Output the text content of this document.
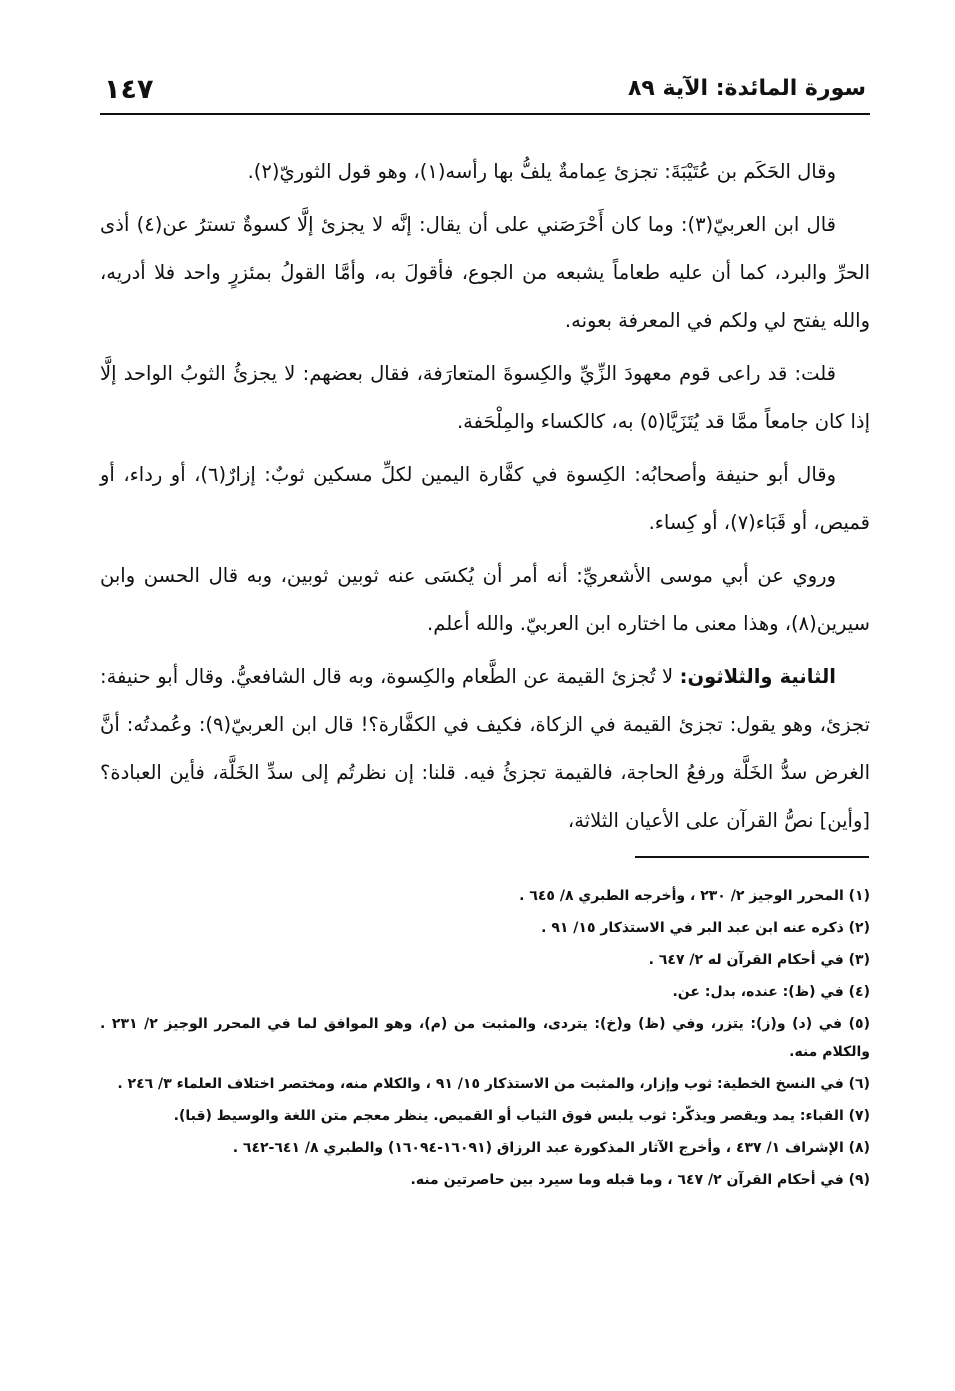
سورة المائدة: الآية ٨٩
١٤٧

وقال الحَكَم بن عُتَيْبَةَ: تجزئ عِمامةٌ يلفُّ بها رأسه(١)، وهو قول الثوريّ(٢).

قال ابن العربيّ(٣): وما كان أَحْرَصَني على أن يقال: إنَّه لا يجزئ إلَّا كسوةٌ تسترُ عن(٤) أذى الحرِّ والبرد، كما أن عليه طعاماً يشبعه من الجوع، فأقولَ به، وأمَّا القولُ بمئزرٍ واحد فلا أدريه، والله يفتح لي ولكم في المعرفة بعونه.

قلت: قد راعى قوم معهودَ الزِّيِّ والكِسوةَ المتعارَفة، فقال بعضهم: لا يجزئُ الثوبُ الواحد إلَّا إذا كان جامعاً ممَّا قد يُتَزَيَّا(٥) به، كالكساء والمِلْحَفة.

وقال أبو حنيفة وأصحابُه: الكِسوة في كفَّارة اليمين لكلِّ مسكين ثوبٌ: إزارٌ(٦)، أو رداء، أو قميص، أو قَبَاء(٧)، أو كِساء.

وروي عن أبي موسى الأشعريِّ: أنه أمر أن يُكسَى عنه ثوبين ثوبين، وبه قال الحسن وابن سيرين(٨)، وهذا معنى ما اختاره ابن العربيّ. والله أعلم.

الثانية والثلاثون: لا تُجزئ القيمة عن الطَّعام والكِسوة، وبه قال الشافعيُّ. وقال أبو حنيفة: تجزئ، وهو يقول: تجزئ القيمة في الزكاة، فكيف في الكفَّارة؟! قال ابن العربيّ(٩): وعُمدتُه: أنَّ الغرض سدُّ الخَلَّة ورفعُ الحاجة، فالقيمة تجزئُ فيه. قلنا: إن نظرتُم إلى سدِّ الخَلَّة، فأين العبادة؟ [وأين] نصُّ القرآن على الأعيان الثلاثة،

(١) المحرر الوجيز ٢/ ٢٣٠ ، وأخرجه الطبري ٨/ ٦٤٥ .

(٢) ذكره عنه ابن عبد البر في الاستذكار ١٥/ ٩١ .

(٣) في أحكام القرآن له ٢/ ٦٤٧ .

(٤) في (ظ): عنده، بدل: عن.

(٥) في (د) و(ز): يتزر، وفي (ظ) و(خ): يتردى، والمثبت من (م)، وهو الموافق لما في المحرر الوجيز ٢/ ٢٣١ . والكلام منه.

(٦) في النسخ الخطية: ثوب وإزار، والمثبت من الاستذكار ١٥/ ٩١ ، والكلام منه، ومختصر اختلاف العلماء ٣/ ٢٤٦ .

(٧) القباء: يمد ويقصر ويذكّر: ثوب يلبس فوق الثياب أو القميص. ينظر معجم متن اللغة والوسيط (قبا).

(٨) الإشراف ١/ ٤٣٧ ، وأخرج الآثار المذكورة عبد الرزاق (١٦٠٩١-١٦٠٩٤) والطبري ٨/ ٦٤١-٦٤٢ .

(٩) في أحكام القرآن ٢/ ٦٤٧ ، وما قبله وما سيرد بين حاصرتين منه.
